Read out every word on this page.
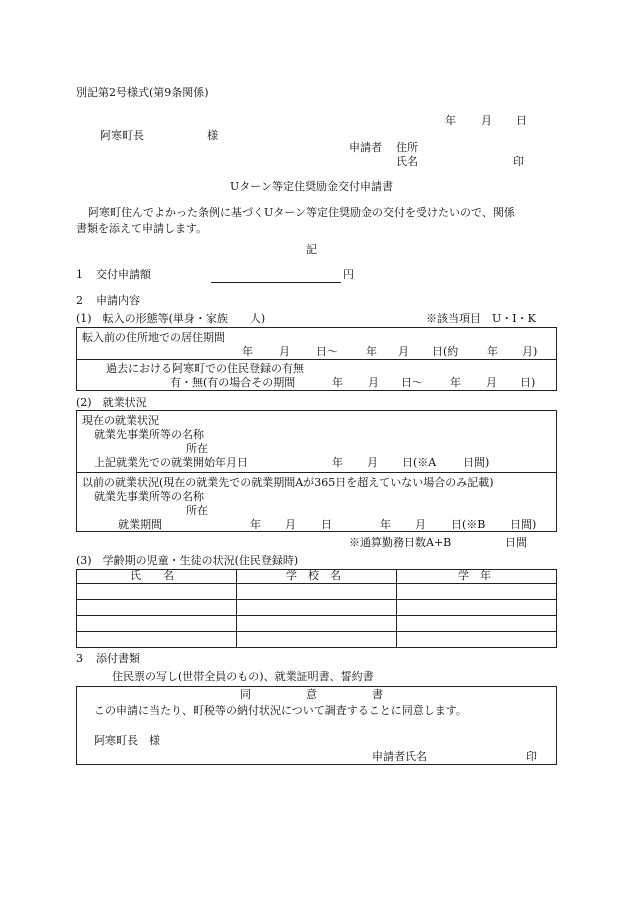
別記第2号様式(第9条関係)
年 月 日
阿寒町長	様
申請者 住所
氏名	印
Uターン等定住奨励金交付申請書
阿寒町住んでよかった条例に基づくUターン等定住奨励金の交付を受けたいので、関係
書類を添えて申請します。
記
1 交付申請額	円
2 申請内容
(1)　転入の形態等(単身・家族　　人)	※該当項目　U・I・K
転入前の住所地での居住期間
年 月 日～	年 月 日(約	年 月)
過去における阿寒町での住民登録の有無
有・無(有の場合その期間	年 月 日～ 年 月 日)
(2)　就業状況
現在の就業状況
就業先事業所等の名称
所在
上記就業先での就業開始年月日	年 月 日(※A 日間)
以前の就業状況(現在の就業先での就業期間Aが365日を超えていない場合のみ記載)
就業先事業所等の名称
所在
就業期間	年 月 日	年 月 日(※B 日間)
※通算勤務日数A+B	日間
(3)　学齢期の児童・生徒の状況(住民登録時)
氏　　名	学　校　名	学　年
3 添付書類
住民票の写し(世帯全員のもの)、就業証明書、誓約書
同　　　　　意　　　　　書
この申請に当たり、町税等の納付状況について調査することに同意します。
阿寒町長　様
申請者氏名	印
